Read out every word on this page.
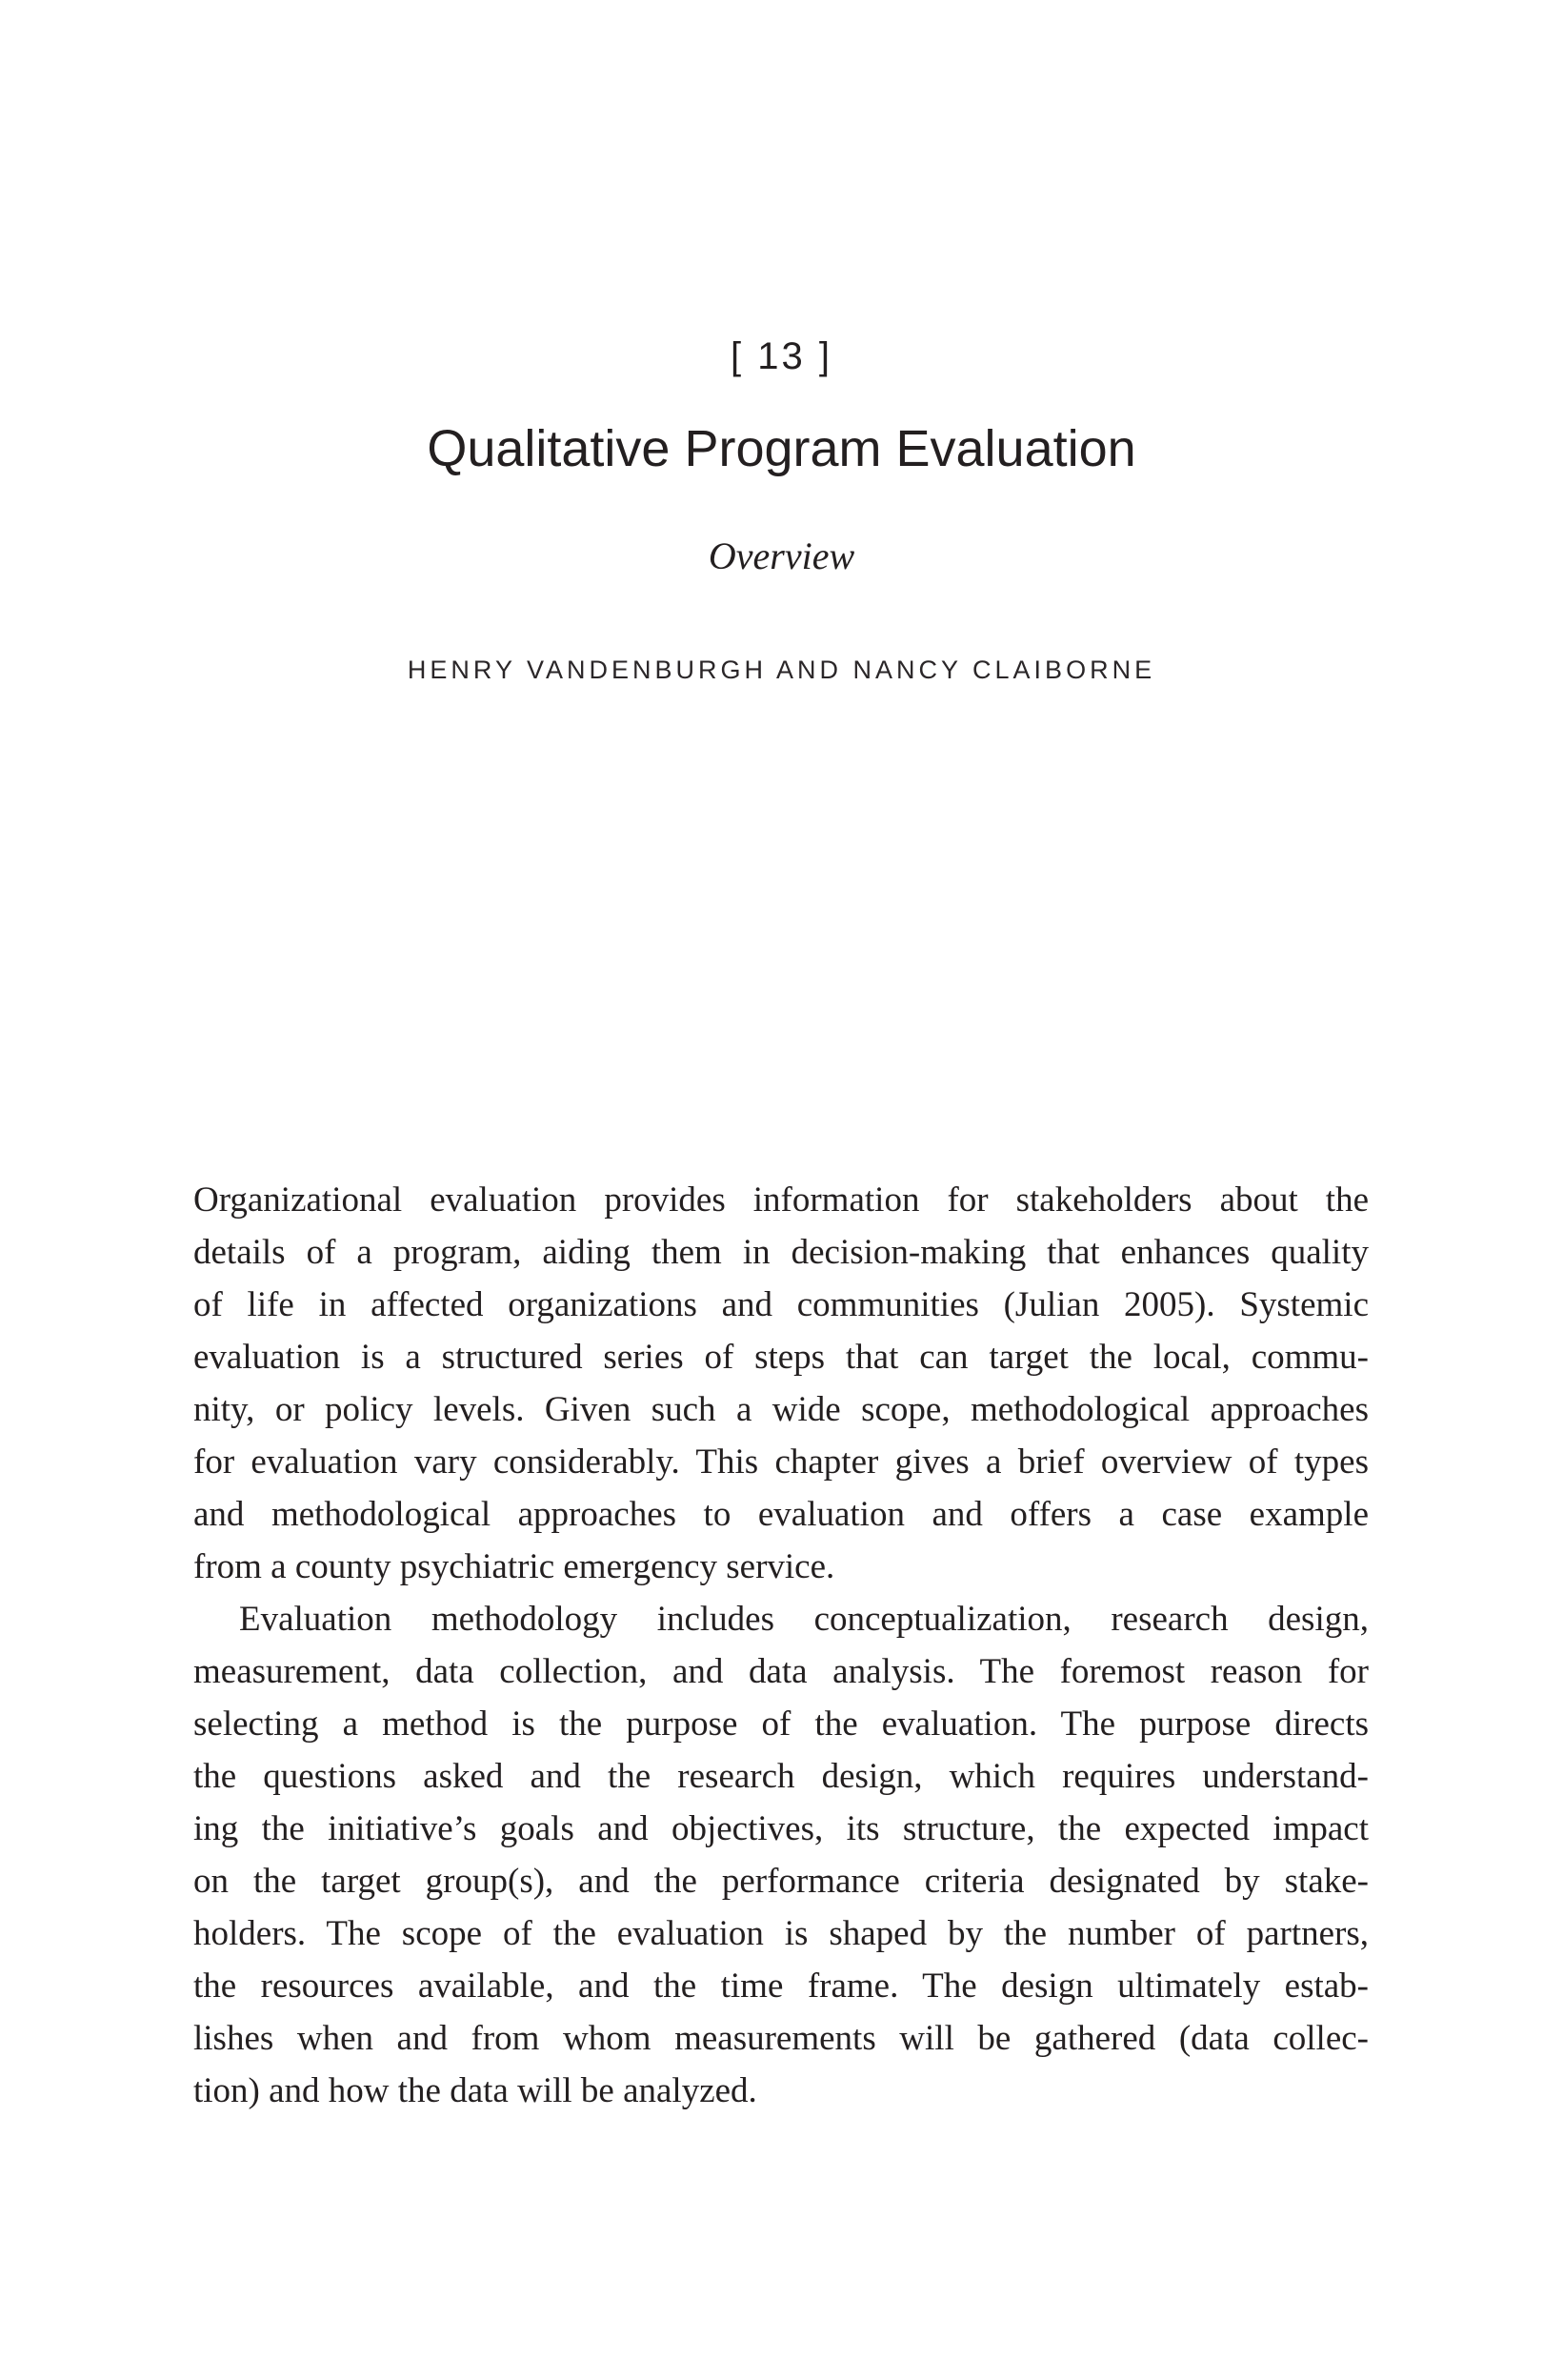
[ 13 ]
Qualitative Program Evaluation
Overview
HENRY VANDENBURGH AND NANCY CLAIBORNE
Organizational evaluation provides information for stakeholders about the
details of a program, aiding them in decision-making that enhances quality
of life in affected organizations and communities (Julian 2005). Systemic
evaluation is a structured series of steps that can target the local, commu-
nity, or policy levels. Given such a wide scope, methodological approaches
for evaluation vary considerably. This chapter gives a brief overview of types
and methodological approaches to evaluation and offers a case example
from a county psychiatric emergency service.
Evaluation methodology includes conceptualization, research design,
measurement, data collection, and data analysis. The foremost reason for
selecting a method is the purpose of the evaluation. The purpose directs
the questions asked and the research design, which requires understand-
ing the initiative’s goals and objectives, its structure, the expected impact
on the target group(s), and the performance criteria designated by stake-
holders. The scope of the evaluation is shaped by the number of partners,
the resources available, and the time frame. The design ultimately estab-
lishes when and from whom measurements will be gathered (data collec-
tion) and how the data will be analyzed.
